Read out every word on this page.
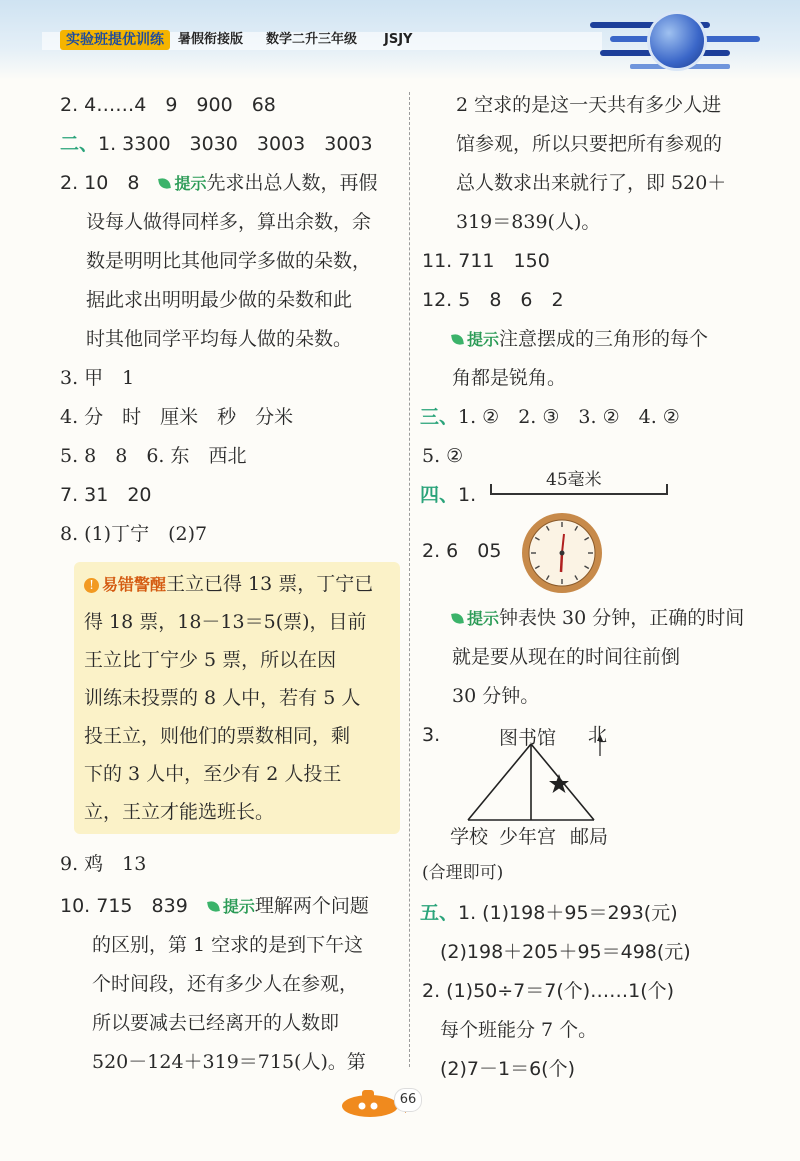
实验班提优训练	暑假衔接版 数学二升三年级 JSJY
2. 4……4　9　900　68
二、1. 3300　3030　3003　3003
2. 10　8 提示先求出总人数，再假
设每人做得同样多，算出余数，余
数是明明比其他同学多做的朵数，
据此求出明明最少做的朵数和此
时其他同学平均每人做的朵数。
3. 甲　1
4. 分　时　厘米　秒　分米
5. 8　8　6. 东　西北
7. 31　20
8. (1)丁宁　(2)7
! 易错警醒王立已得 13 票，丁宁已
得 18 票，18－13＝5(票)，目前
王立比丁宁少 5 票，所以在因
训练未投票的 8 人中，若有 5 人
投王立，则他们的票数相同，剩
下的 3 人中，至少有 2 人投王
立，王立才能选班长。
9. 鸡　13
10. 715　839 提示理解两个问题
的区别，第 1 空求的是到下午这
个时间段，还有多少人在参观，
所以要减去已经离开的人数即
520－124＋319＝715(人)。第
2 空求的是这一天共有多少人进
馆参观，所以只要把所有参观的
总人数求出来就行了，即 520＋
319＝839(人)。
11. 711　150
12. 5　8　6　2
提示注意摆成的三角形的每个
角都是锐角。
三、1. ②　2. ③　3. ②　4. ②
5. ②
四、1.
45毫米
2. 6　05
提示钟表快 30 分钟，正确的时间
就是要从现在的时间往前倒
30 分钟。
3.	图书馆 北
学校 少年宫 邮局
(合理即可)
五、1. (1)198＋95＝293(元)
(2)198＋205＋95＝498(元)
2. (1)50÷7＝7(个)……1(个)
每个班能分 7 个。
(2)7－1＝6(个)
66
